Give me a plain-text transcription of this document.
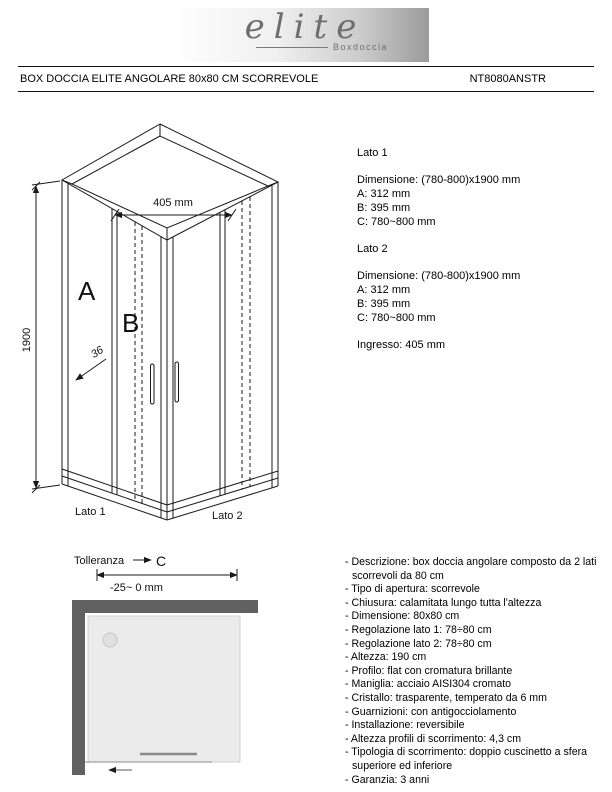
elite
Boxdoccia
BOX DOCCIA ELITE ANGOLARE 80x80 CM SCORREVOLE	NT8080ANSTR
405 mm
1900
36
A
B
Lato 1	Lato 2
Lato 1
Dimensione: (780-800)x1900 mm
A: 312 mm
B: 395 mm
C: 780~800 mm
Lato 2
Dimensione: (780-800)x1900 mm
A: 312 mm
B: 395 mm
C: 780~800 mm
Ingresso: 405 mm
Tolleranza C
-25~ 0 mm
- Descrizione: box doccia angolare composto da 2 lati scorrevoli da 80 cm
- Tipo di apertura: scorrevole
- Chiusura: calamitata lungo tutta l'altezza
- Dimensione: 80x80 cm
- Regolazione lato 1: 78÷80 cm
- Regolazione lato 2: 78÷80 cm
- Altezza: 190 cm
- Profilo: flat con cromatura brillante
- Maniglia: acciaio AISI304 cromato
- Cristallo: trasparente, temperato da 6 mm
- Guarnizioni: con antigocciolamento
- Installazione: reversibile
- Altezza profili di scorrimento: 4,3 cm
- Tipologia di scorrimento: doppio cuscinetto a sfera superiore ed inferiore
- Garanzia: 3 anni
